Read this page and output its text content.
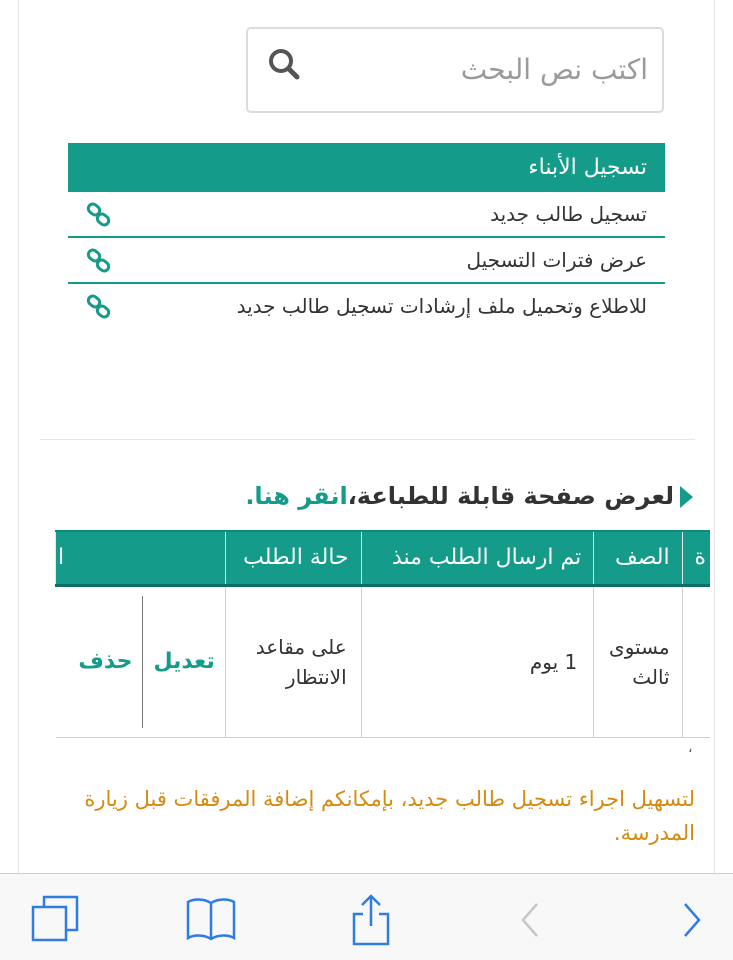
اكتب نص البحث
تسجيل الأبناء
تسجيل طالب جديد
عرض فترات التسجيل
للاطلاع وتحميل ملف إرشادات تسجيل طالب جديد
لعرض صفحة قابلة للطباعة،انقر هنا.
ة	الصف	تم ارسال الطلب منذ	حالة الطلب	ا
	مستوى ثالث	1 يوم	على مقاعد الانتظار	تعديل
حذف
،
لتسهيل اجراء تسجيل طالب جديد، بإمكانكم إضافة المرفقات قبل زيارة المدرسة.
